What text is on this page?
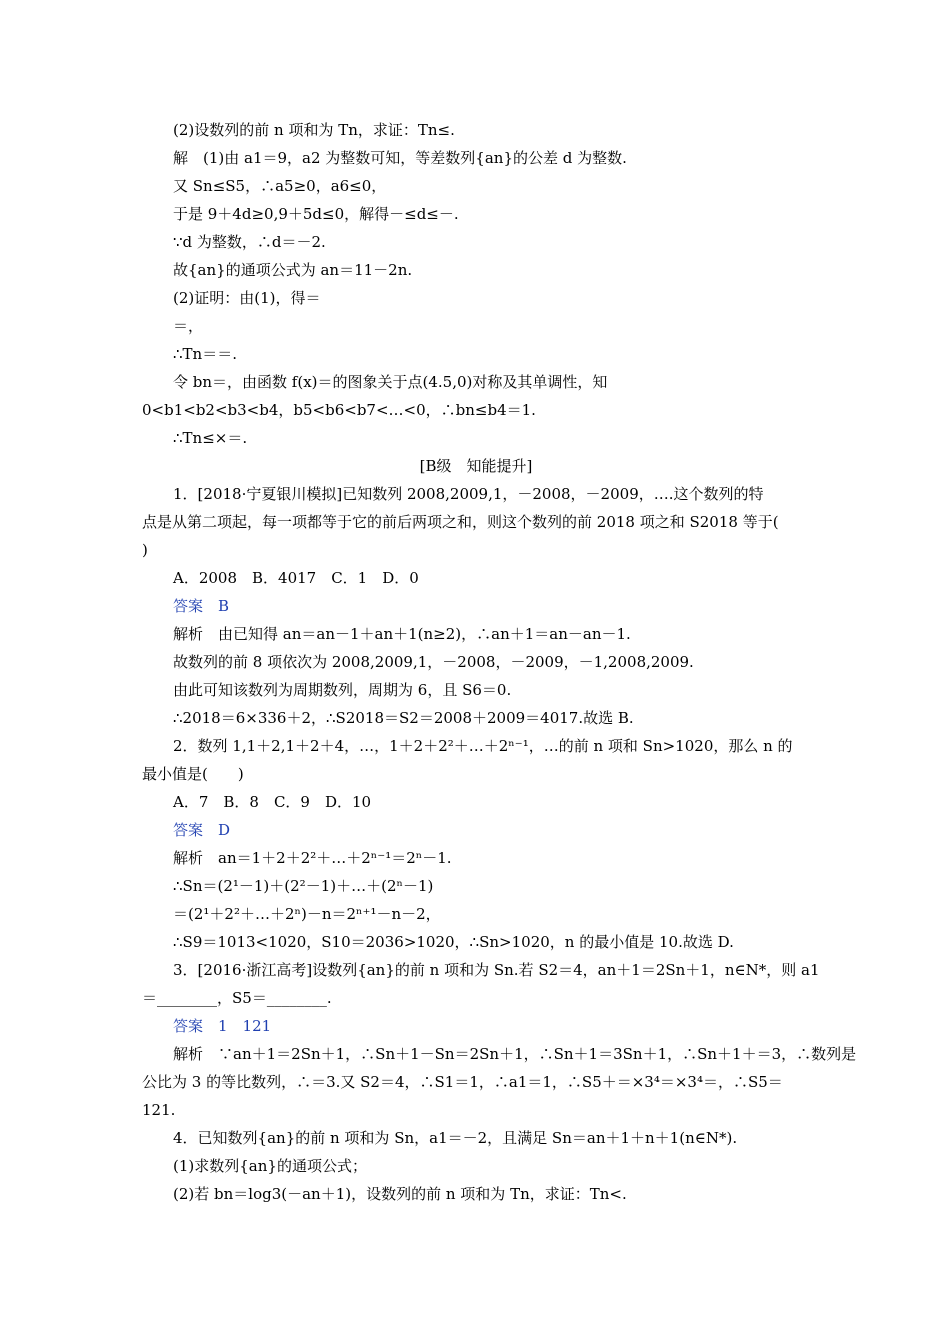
(2)设数列的前 n 项和为 Tn，求证：Tn≤.
解　(1)由 a1＝9，a2 为整数可知，等差数列{an}的公差 d 为整数.
又 Sn≤S5，∴a5≥0，a6≤0，
于是 9＋4d≥0,9＋5d≤0，解得－≤d≤－.
∵d 为整数，∴d＝－2.
故{an}的通项公式为 an＝11－2n.
(2)证明：由(1)，得＝
＝，
∴Tn＝＝.
令 bn＝，由函数 f(x)＝的图象关于点(4.5,0)对称及其单调性，知
0<b1<b2<b3<b4，b5<b6<b7<…<0，∴bn≤b4＝1.
∴Tn≤×＝.
[B级　知能提升]
1．[2018·宁夏银川模拟]已知数列 2008,2009,1，－2008，－2009，….这个数列的特
点是从第二项起，每一项都等于它的前后两项之和，则这个数列的前 2018 项之和 S2018 等于(
)
A．2008　B．4017　C．1　D．0
答案　B
解析　由已知得 an＝an－1＋an＋1(n≥2)，∴an＋1＝an－an－1.
故数列的前 8 项依次为 2008,2009,1，－2008，－2009，－1,2008,2009.
由此可知该数列为周期数列，周期为 6，且 S6＝0.
∴2018＝6×336＋2，∴S2018＝S2＝2008＋2009＝4017.故选 B.
2．数列 1,1＋2,1＋2＋4，…，1＋2＋2²＋…＋2ⁿ⁻¹，…的前 n 项和 Sn>1020，那么 n 的
最小值是(　　)
A．7　B．8　C．9　D．10
答案　D
解析　an＝1＋2＋2²＋…＋2ⁿ⁻¹＝2ⁿ－1.
∴Sn＝(2¹－1)＋(2²－1)＋…＋(2ⁿ－1)
＝(2¹＋2²＋…＋2ⁿ)－n＝2ⁿ⁺¹－n－2，
∴S9＝1013<1020，S10＝2036>1020，∴Sn>1020，n 的最小值是 10.故选 D.
3．[2016·浙江高考]设数列{an}的前 n 项和为 Sn.若 S2＝4，an＋1＝2Sn＋1，n∈N*，则 a1
＝________，S5＝________.
答案　1　121
解析　∵an＋1＝2Sn＋1，∴Sn＋1－Sn＝2Sn＋1，∴Sn＋1＝3Sn＋1，∴Sn＋1＋＝3，∴数列是
公比为 3 的等比数列，∴＝3.又 S2＝4，∴S1＝1，∴a1＝1，∴S5＋＝×3⁴＝×3⁴＝，∴S5＝
121.
4．已知数列{an}的前 n 项和为 Sn，a1＝－2，且满足 Sn＝an＋1＋n＋1(n∈N*).
(1)求数列{an}的通项公式；
(2)若 bn＝log3(－an＋1)，设数列的前 n 项和为 Tn，求证：Tn<.
